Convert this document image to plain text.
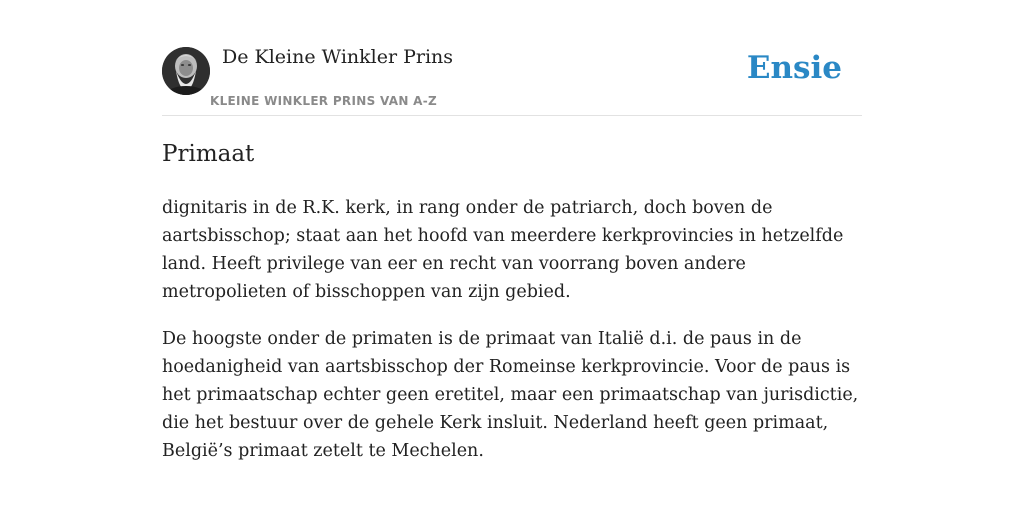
De Kleine Winkler Prins
KLEINE WINKLER PRINS VAN A-Z
Ensie
Primaat

dignitaris in de R.K. kerk, in rang onder de patriarch, doch boven de aartsbisschop; staat aan het hoofd van meerdere kerkprovincies in hetzelfde land. Heeft privilege van eer en recht van voorrang boven andere metropolieten of bisschoppen van zijn gebied.

De hoogste onder de primaten is de primaat van Italië d.i. de paus in de hoedanigheid van aartsbisschop der Romeinse kerkprovincie. Voor de paus is het primaatschap echter geen eretitel, maar een primaatschap van jurisdictie, die het bestuur over de gehele Kerk insluit. Nederland heeft geen primaat, België’s primaat zetelt te Mechelen.
